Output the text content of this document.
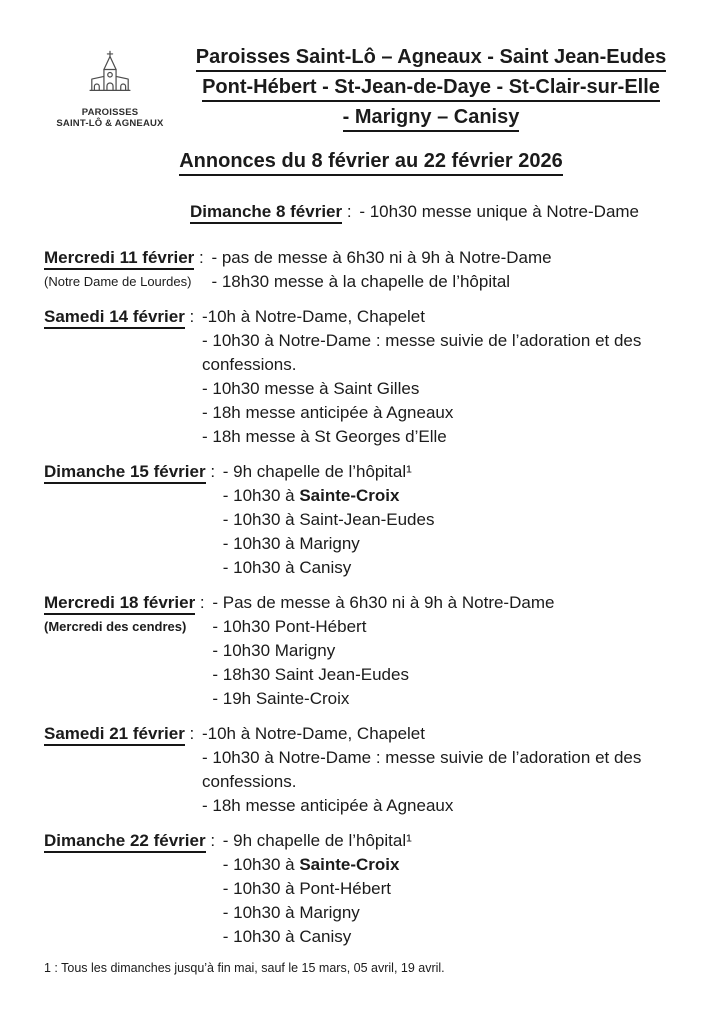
PAROISSES
SAINT-LÔ & AGNEAUX
Paroisses Saint-Lô – Agneaux - Saint Jean-Eudes
Pont-Hébert - St-Jean-de-Daye - St-Clair-sur-Elle
- Marigny – Canisy
Annonces du 8 février au 22 février 2026
Dimanche 8 février : - 10h30 messe unique à Notre-Dame
Mercredi 11 février :
(Notre Dame de Lourdes)
- pas de messe à 6h30 ni à 9h à Notre-Dame
- 18h30 messe à la chapelle de l’hôpital
Samedi 14 février : -10h à Notre-Dame, Chapelet
- 10h30 à Notre-Dame : messe suivie de l’adoration et des confessions.
- 10h30 messe à Saint Gilles
- 18h messe anticipée à Agneaux
- 18h messe à St Georges d’Elle
Dimanche 15 février : - 9h chapelle de l’hôpital¹
- 10h30 à Sainte-Croix
- 10h30 à Saint-Jean-Eudes
- 10h30 à Marigny
- 10h30 à Canisy
Mercredi 18 février :
(Mercredi des cendres)
- Pas de messe à 6h30 ni à 9h à Notre-Dame
- 10h30 Pont-Hébert
- 10h30 Marigny
- 18h30 Saint Jean-Eudes
- 19h Sainte-Croix
Samedi 21 février : -10h à Notre-Dame, Chapelet
- 10h30 à Notre-Dame : messe suivie de l’adoration et des confessions.
- 18h messe anticipée à Agneaux
Dimanche 22 février : - 9h chapelle de l’hôpital¹
- 10h30 à Sainte-Croix
- 10h30 à Pont-Hébert
- 10h30 à Marigny
- 10h30 à Canisy
1 : Tous les dimanches jusqu’à fin mai, sauf le 15 mars, 05 avril, 19 avril.
